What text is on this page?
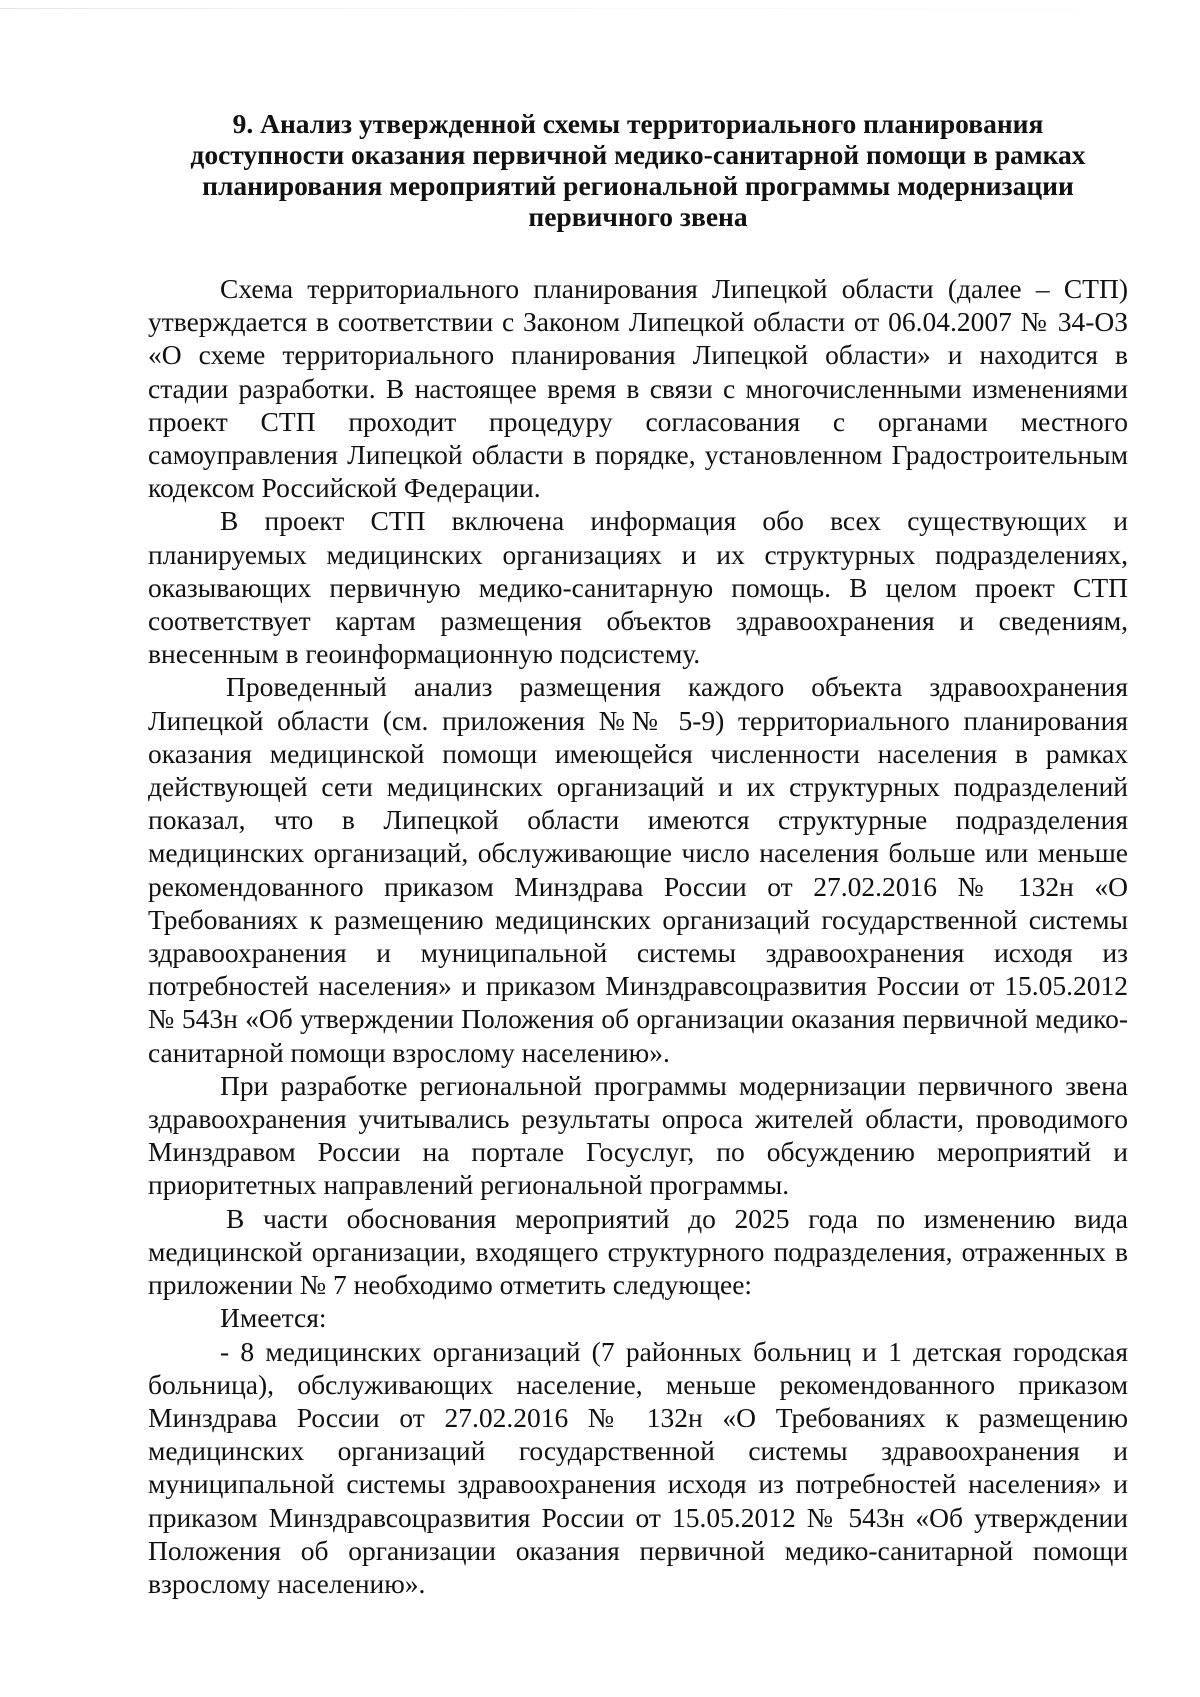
9. Анализ утвержденной схемы территориального планирования доступности оказания первичной медико-санитарной помощи в рамках планирования мероприятий региональной программы модернизации первичного звена

Схема территориального планирования Липецкой области (далее – СТП) утверждается в соответствии с Законом Липецкой области от 06.04.2007 № 34-ОЗ «О схеме территориального планирования Липецкой области» и находится в стадии разработки. В настоящее время в связи с многочисленными изменениями проект СТП проходит процедуру согласования с органами местного самоуправления Липецкой области в порядке, установленном Градостроительным кодексом Российской Федерации.

В проект СТП включена информация обо всех существующих и планируемых медицинских организациях и их структурных подразделениях, оказывающих первичную медико-санитарную помощь. В целом проект СТП соответствует картам размещения объектов здравоохранения и сведениям, внесенным в геоинформационную подсистему.

Проведенный анализ размещения каждого объекта здравоохранения Липецкой области (см. приложения №№ 5-9) территориального планирования оказания медицинской помощи имеющейся численности населения в рамках действующей сети медицинских организаций и их структурных подразделений показал, что в Липецкой области имеются структурные подразделения медицинских организаций, обслуживающие число населения больше или меньше рекомендованного приказом Минздрава России от 27.02.2016 № 132н «О Требованиях к размещению медицинских организаций государственной системы здравоохранения и муниципальной системы здравоохранения исходя из потребностей населения» и приказом Минздравсоцразвития России от 15.05.2012 № 543н «Об утверждении Положения об организации оказания первичной медико-санитарной помощи взрослому населению».

При разработке региональной программы модернизации первичного звена здравоохранения учитывались результаты опроса жителей области, проводимого Минздравом России на портале Госуслуг, по обсуждению мероприятий и приоритетных направлений региональной программы.

В части обоснования мероприятий до 2025 года по изменению вида медицинской организации, входящего структурного подразделения, отраженных в приложении № 7 необходимо отметить следующее:

Имеется:

- 8 медицинских организаций (7 районных больниц и 1 детская городская больница), обслуживающих население, меньше рекомендованного приказом Минздрава России от 27.02.2016 № 132н «О Требованиях к размещению медицинских организаций государственной системы здравоохранения и муниципальной системы здравоохранения исходя из потребностей населения» и приказом Минздравсоцразвития России от 15.05.2012 № 543н «Об утверждении Положения об организации оказания первичной медико-санитарной помощи взрослому населению».
